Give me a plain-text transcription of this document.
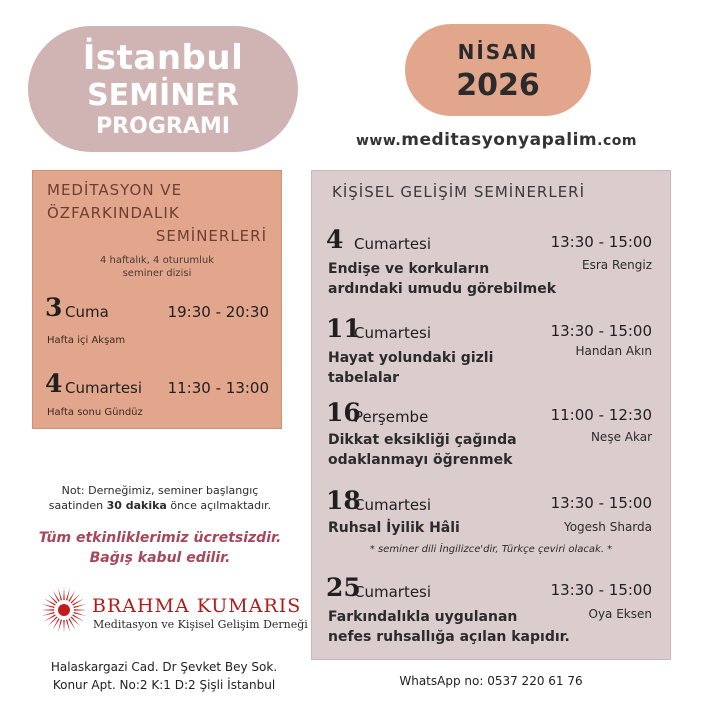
İstanbul
SEMİNER
PROGRAMI
NİSAN
2026
www.meditasyonyapalim.com
MEDİTASYON VE
ÖZFARKINDALIK
SEMİNERLERİ
4 haftalık, 4 oturumluk
seminer dizisi
3 Cuma	19:30 - 20:30
Hafta içi Akşam
4 Cumartesi 11:30 - 13:00
Hafta sonu Gündüz
Not: Derneğimiz, seminer başlangıç
saatinden 30 dakika önce açılmaktadır.
Tüm etkinliklerimiz ücretsizdir.
Bağış kabul edilir.
BRAHMA KUMARIS
Meditasyon ve Kişisel Gelişim Derneği
Halaskargazi Cad. Dr Şevket Bey Sok.
Konur Apt. No:2 K:1 D:2 Şişli İstanbul
KİŞİSEL GELİŞİM SEMİNERLERİ
4 Cumartesi	13:30 - 15:00
Esra Rengiz
Endişe ve korkuların
ardındaki umudu görebilmek
11
Cumartesi	13:30 - 15:00
Handan Akın
Hayat yolundaki gizli
tabelalar
16
Perşembe	11:00 - 12:30
Neşe Akar
Dikkat eksikliği çağında
odaklanmayı öğrenmek
18
Cumartesi	13:30 - 15:00
Yogesh Sharda
Ruhsal İyilik Hâli
* seminer dili İngilizce'dir, Türkçe çeviri olacak. *
25
Cumartesi	13:30 - 15:00
Oya Eksen
Farkındalıkla uygulanan
nefes ruhsallığa açılan kapıdır.
WhatsApp no: 0537 220 61 76
